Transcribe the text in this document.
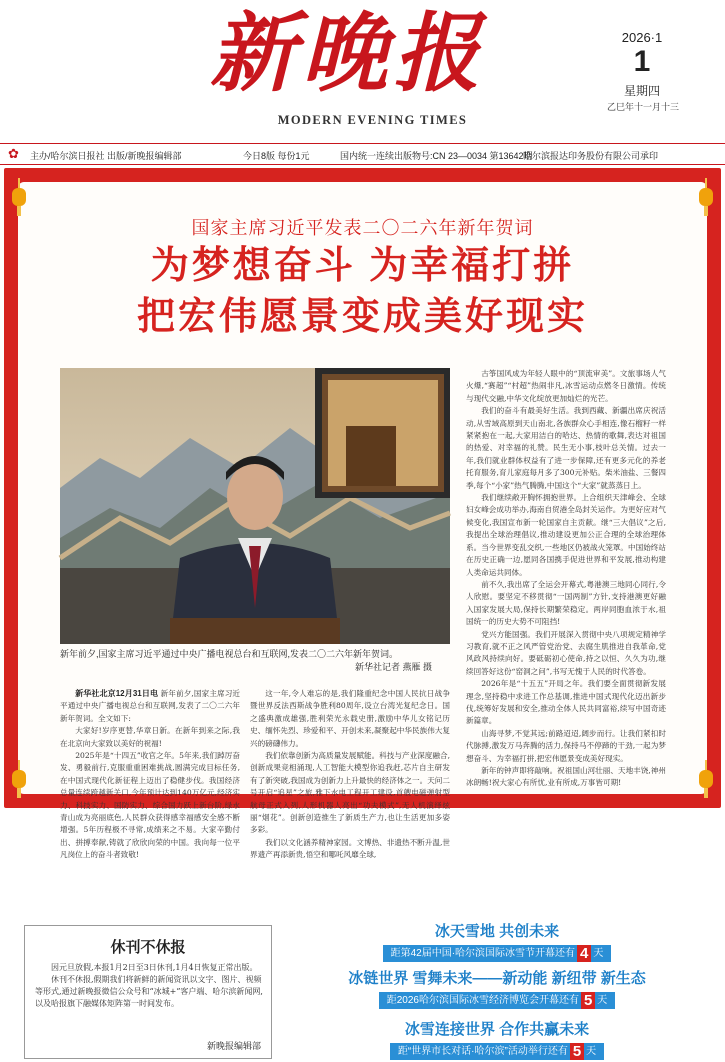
新晚报
MODERN EVENING TIMES
2026·1
1
星期四
乙巳年十一月十三
✿	主办/哈尔滨日报社 出版/新晚报编辑部	今日8版 每份1元	国内统一连续出版物号:CN 23—0034 第13642期
哈尔滨报达印务股份有限公司承印
国家主席习近平发表二〇二六年新年贺词
为梦想奋斗 为幸福打拼
把宏伟愿景变成美好现实
新年前夕,国家主席习近平通过中央广播电视总台和互联网,发表二〇二六年新年贺词。
新华社记者 燕雁 摄

新华社北京12月31日电 新年前夕,国家主席习近平通过中央广播电视总台和互联网,发表了二〇二六年新年贺词。全文如下:

大家好!岁序更替,华章日新。在新年到来之际,我在北京向大家致以美好的祝福!

2025年是“十四五”收官之年。5年来,我们踔厉奋发、勇毅前行,克服重重困难挑战,圆满完成目标任务,在中国式现代化新征程上迈出了稳健步伐。我国经济总量连续跨越新关口,今年预计达到140万亿元,经济实力、科技实力、国防实力、综合国力跃上新台阶,绿水青山成为亮丽底色,人民群众获得感幸福感安全感不断增强。5年历程极不寻常,成绩来之不易。大家辛勤付出、拼搏奉献,铸就了欣欣向荣的中国。我向每一位平凡岗位上的奋斗者致敬!

这一年,令人难忘的是,我们隆重纪念中国人民抗日战争暨世界反法西斯战争胜利80周年,设立台湾光复纪念日。国之盛典激成雄强,胜利荣光永载史册,激励中华儿女铭记历史、缅怀先烈、珍爱和平、开创未来,凝聚起中华民族伟大复兴的磅礴伟力。

我们依靠创新为高质量发展赋能。科技与产业深度融合,创新成果竞相涌现,人工智能大模型你追我赶,芯片自主研发有了新突破,我国成为创新力上升最快的经济体之一。天问二号开启“追星”之旅,雅下水电工程开工建设,首艘电磁弹射型航母正式入列,人形机器人亮出“功夫模式”,无人机演绎炫丽“烟花”。创新创造推生了新质生产力,也让生活更加多姿多彩。

我们以文化涵养精神家园。文博热、非遗热不断升温,世界遗产再添新贵,悟空和哪吒风靡全球,

古筝国风成为年轻人眼中的“顶流审美”。文旅事场人气火爆,“赛超”“村超”热闹非凡,冰雪运动点燃冬日激情。传统与现代交融,中华文化绽放更加灿烂的光芒。

我们的奋斗有最美好生活。我到西藏、新疆出席庆祝活动,从雪域高原到天山南北,各族群众心手相连,像石榴籽一样紧紧抱在一起,大家用洁白的哈达、热情的歌舞,表达对祖国的热爱、对幸福的礼赞。民生无小事,枝叶总关情。过去一年,我们就业群体权益有了进一步保障,还有更多元化的养老托育服务,育儿家庭每月多了300元补贴。柴米油盐、三餐四季,每个“小家”热气腾腾,中国这个“大家”就蒸蒸日上。

我们继续敞开胸怀拥抱世界。上合组织天津峰会、全球妇女峰会成功举办,海南自贸港全岛封关运作。为更好应对气候变化,我国宣布新一轮国家自主贡献。继“三大倡议”之后,我提出全球治理倡议,推动建设更加公正合理的全球治理体系。当今世界变乱交织,一些地区仍被战火笼罩。中国始终站在历史正确一边,愿同各国携手促进世界和平发展,推动构建人类命运共同体。

前不久,我出席了全运会开幕式,粤港澳三地同心同行,令人欣慰。要坚定不移贯彻“一国两制”方针,支持港澳更好融入国家发展大局,保持长期繁荣稳定。两岸同胞血浓于水,祖国统一的历史大势不可阻挡!

党兴方能国强。我们开展深入贯彻中央八项规定精神学习教育,就不正之风严管党治党、去腐生肌推进自我革命,党风政风持续向好。要砥砺初心使命,持之以恒、久久为功,继续回答好这份“窑洞之问”,书写无愧于人民的时代答卷。

2026年是“十五五”开局之年。我们要全面贯彻新发展理念,坚持稳中求进工作总基调,推进中国式现代化迈出新步伐,统筹好发展和安全,推动全体人民共同富裕,续写中国奇迹新篇章。

山海寻梦,不觉其远;前路迢迢,阔步而行。让我们紧扣时代脉搏,激发万马奔腾的活力,保持马不停蹄的干劲,一起为梦想奋斗、为幸福打拼,把宏伟愿景变成美好现实。

新年的钟声即将敲响。祝祖国山河壮丽、天地丰饶,神州冰朗畅!祝大家心有所忧,业有所成,万事皆可期!

休刊不休报

因元旦放假,本报1月2日至3日休刊,1月4日恢复正常出版。

休刊不休报,假期我们将新鲜的新闻资讯以文字、图片、视频等形式,通过新晚报微信公众号和“冰城+”客户端、哈尔滨新闻网,以及哈报旗下融媒体矩阵第一时间发布。

新晚报编辑部
冰天雪地 共创未来
距第42届中国·哈尔滨国际冰雪节开幕还有 4 天
冰链世界 雪舞未来——新动能 新纽带 新生态
距2026哈尔滨国际冰雪经济博览会开幕还有 5 天
冰雪连接世界 合作共赢未来
距“世界市长对话·哈尔滨”活动举行还有 5 天
